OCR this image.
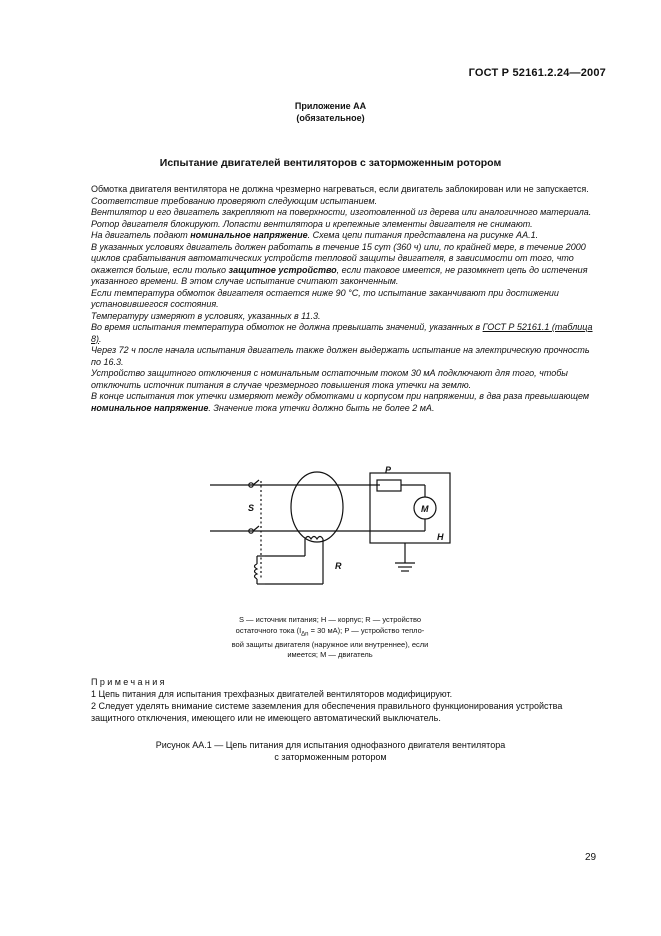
ГОСТ Р 52161.2.24—2007
Приложение АА
(обязательное)
Испытание двигателей вентиляторов с заторможенным ротором

Обмотка двигателя вентилятора не должна чрезмерно нагреваться, если двигатель заблокирован или не запускается.

Соответствие требованию проверяют следующим испытанием.

Вентилятор и его двигатель закрепляют на поверхности, изготовленной из дерева или аналогичного материала. Ротор двигателя блокируют. Лопасти вентилятора и крепежные элементы двигателя не снимают.

На двигатель подают номинальное напряжение. Схема цепи питания представлена на рисунке АА.1.

В указанных условиях двигатель должен работать в течение 15 сут (360 ч) или, по крайней мере, в течение 2000 циклов срабатывания автоматических устройств тепловой защиты двигателя, в зависимости от того, что окажется больше, если только защитное устройство, если таковое имеется, не разомкнет цепь до истечения указанного времени. В этом случае испытание считают законченным.

Если температура обмоток двигателя остается ниже 90 °С, то испытание заканчивают при достижении установившегося состояния.

Температуру измеряют в условиях, указанных в 11.3.

Во время испытания температура обмоток не должна превышать значений, указанных в ГОСТ Р 52161.1 (таблица 8).

Через 72 ч после начала испытания двигатель также должен выдержать испытание на электрическую прочность по 16.3.

Устройство защитного отключения с номинальным остаточным током 30 мА подключают для того, чтобы отключить источник питания в случае чрезмерного повышения тока утечки на землю.

В конце испытания ток утечки измеряют между обмотками и корпусом при напряжении, в два раза превышающем номинальное напряжение. Значение тока утечки должно быть не более 2 мА.

S
P
M
H
R
S — источник питания; H — корпус; R — устройство
остаточного тока ($I_{\Delta n} = 30$ мА); P — устройство тепло-
вой защиты двигателя (наружное или внутреннее), если
имеется; M — двигатель
Примечания
1 Цепь питания для испытания трехфазных двигателей вентиляторов модифицируют.
2 Следует уделять внимание системе заземления для обеспечения правильного функционирования устройства защитного отключения, имеющего или не имеющего автоматический выключатель.
Рисунок АА.1 — Цепь питания для испытания однофазного двигателя вентилятора
с заторможенным ротором
29
